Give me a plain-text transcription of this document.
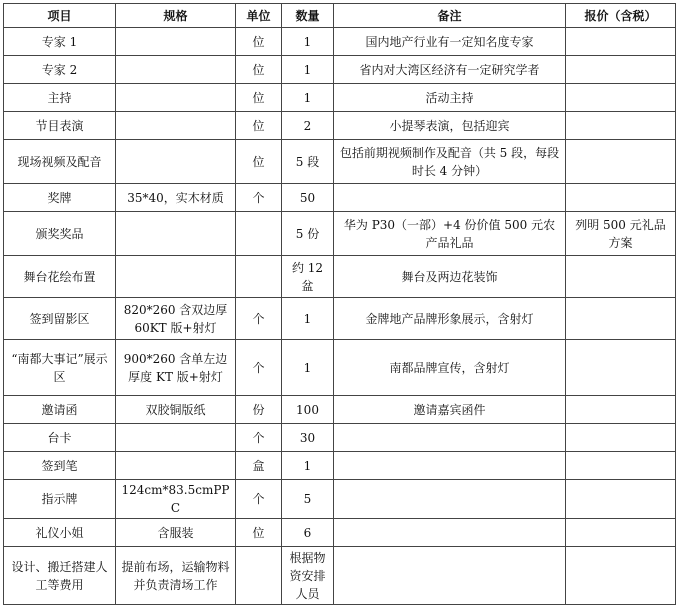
项目	规格	单位	数量	备注	报价（含税）
专家 1		位	1	国内地产行业有一定知名度专家	
专家 2		位	1	省内对大湾区经济有一定研究学者	
主持		位	1	活动主持	
节目表演		位	2	小提琴表演，包括迎宾	
现场视频及配音		位	5 段	包括前期视频制作及配音（共 5 段，每段时长 4 分钟）	
奖牌	35*40，实木材质	个	50		
颁奖奖品			5 份	华为 P30（一部）+4 份价值 500 元农产品礼品	列明 500 元礼品方案
舞台花绘布置			约 12 盆	舞台及两边花装饰	
签到留影区	820*260 含双边厚 60KT 版+射灯	个	1	金牌地产品牌形象展示，含射灯	
“南都大事记”展示区	900*260 含单左边厚度 KT 版+射灯	个	1	南都品牌宣传，含射灯	
邀请函	双胶铜版纸	份	100	邀请嘉宾函件	
台卡		个	30		
签到笔		盒	1		
指示牌	124cm*83.5cmPPC	个	5		
礼仪小姐	含服装	位	6		
设计、搬迁搭建人工等费用	提前布场，运输物料并负责清场工作		根据物资安排人员		
